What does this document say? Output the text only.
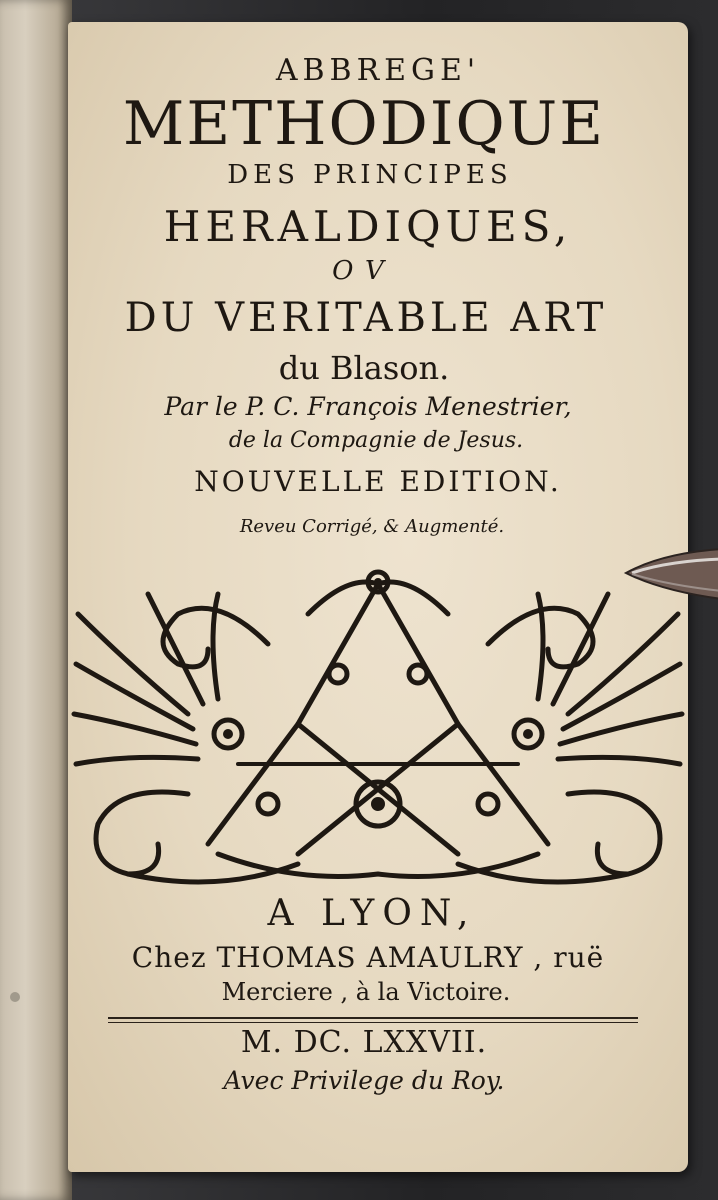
ABBREGE'
METHODIQUE
DES PRINCIPES
HERALDIQUES,
OV
DU VERITABLE ART
du Blason.
Par le P. C. François Menestrier,
de la Compagnie de Jesus.
NOUVELLE EDITION.
Reveu Corrigé, & Augmenté.
A LYON,
Chez THOMAS AMAULRY , ruë
Merciere , à la Victoire.
M. DC. LXXVII.
Avec Privilege du Roy.
